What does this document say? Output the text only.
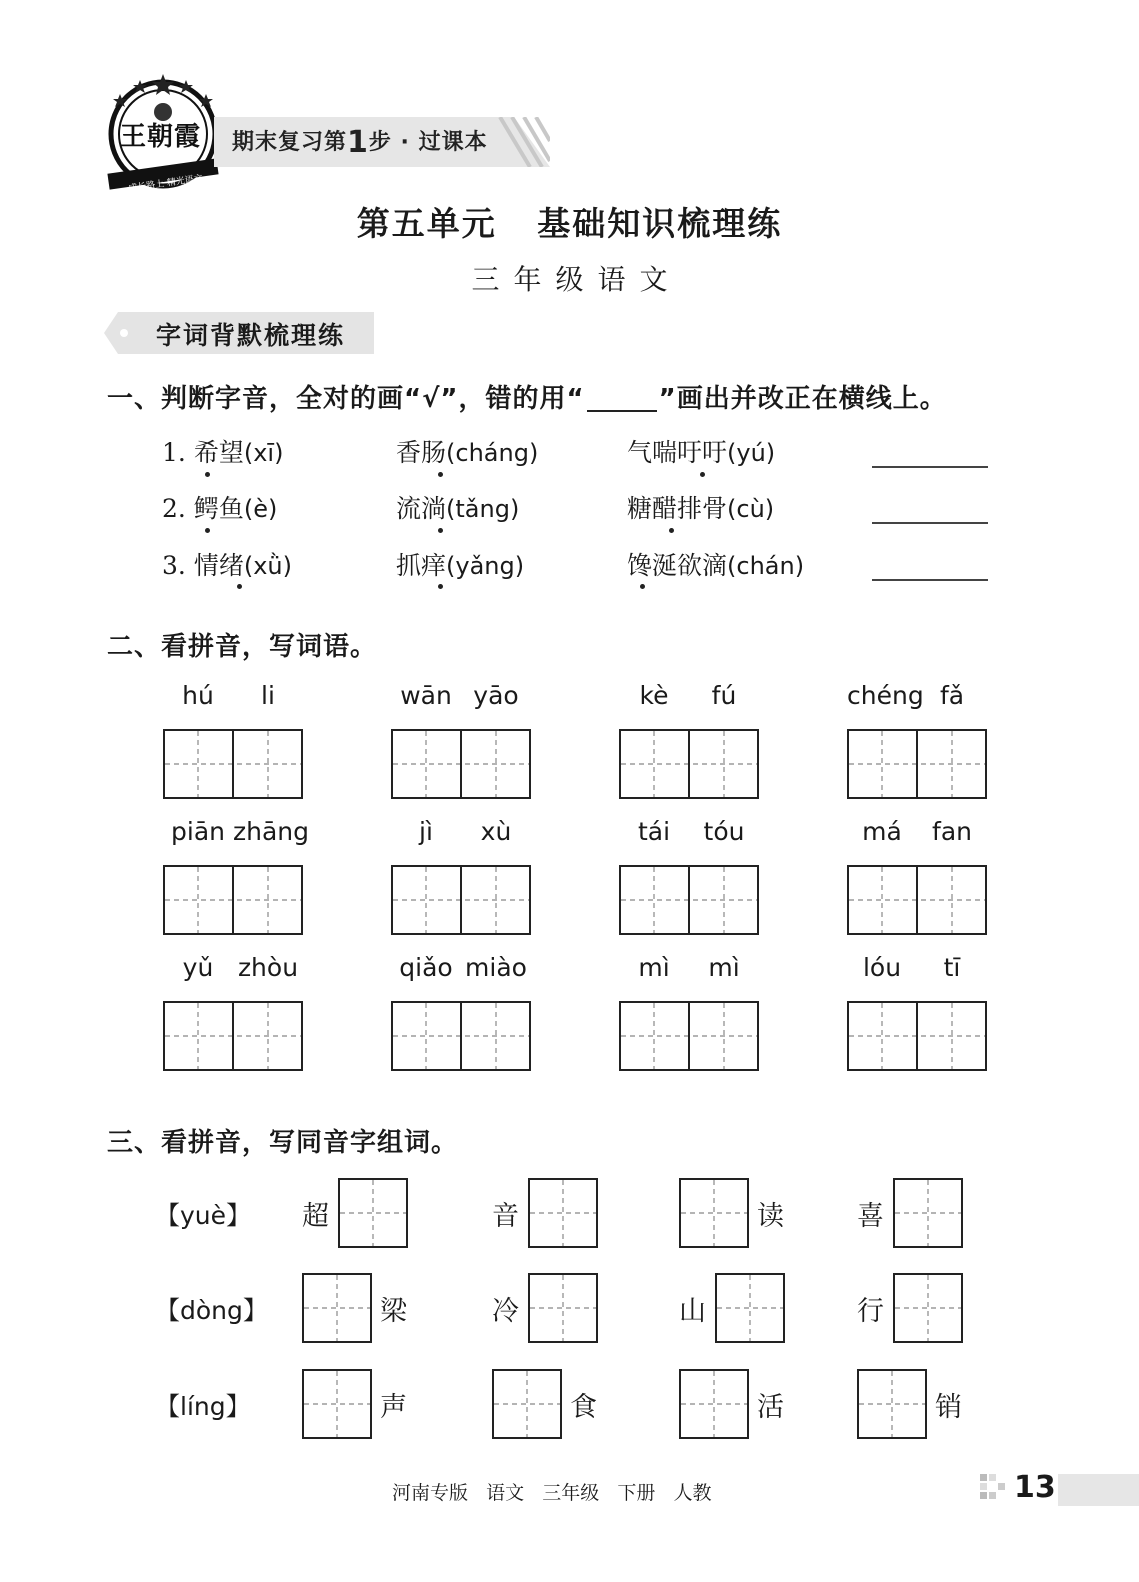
王朝霞
成长路上 精光语文
期末复习第1步 · 过课本
第五单元   基础知识梳理练
三年级语文
字词背默梳理练
一、判断字音，全对的画“√”，错的用“	”画出并改正在横线上。
1. 希望(xī)	香肠(cháng)	气喘吁吁(yú)
2. 鳄鱼(è)	流淌(tǎng)	糖醋排骨(cù)
3. 情绪(xǜ)	抓痒(yǎng)	馋涎欲滴(chán)
二、看拼音，写词语。
hú li	wān yāo	kè fú	chéng fǎ
piān zhāng	jì xù	tái tóu	má fan
yǔ zhòu	qiǎo miào	mì mì	lóu tī
三、看拼音，写同音字组词。
【yuè】 超	音	读	喜
【dòng】	梁	冷	山	行
【líng】	声	食	活	销
河南专版   语文   三年级   下册   人教	13
